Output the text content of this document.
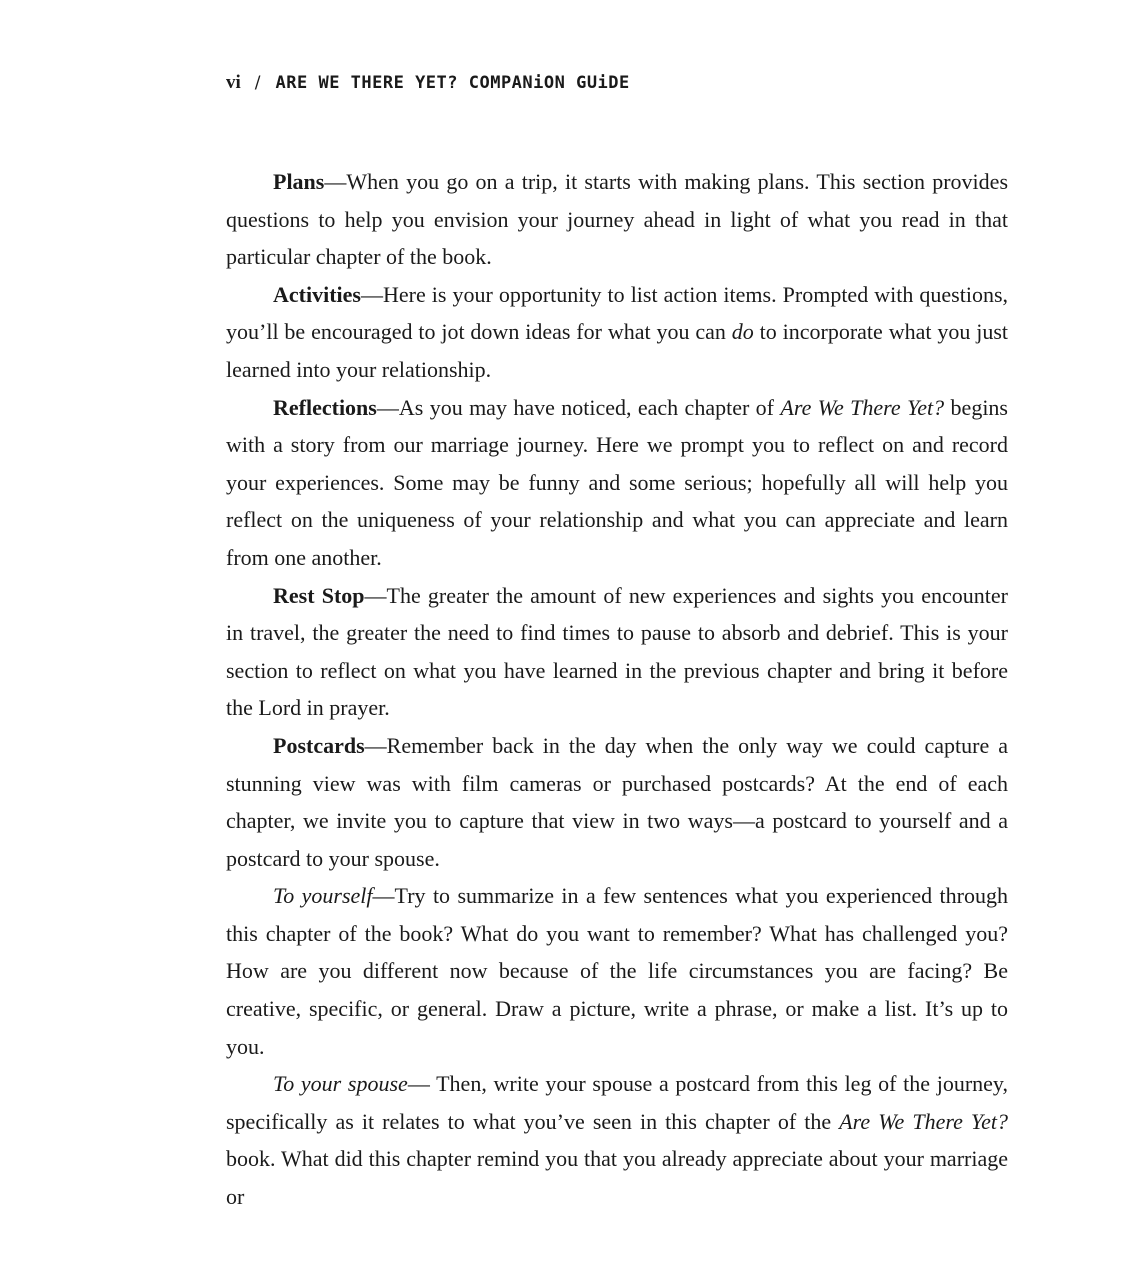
vi / ARE WE THERE YET? COMPANiON GUiDE

Plans—When you go on a trip, it starts with making plans. This section provides questions to help you envision your journey ahead in light of what you read in that particular chapter of the book.

Activities—Here is your opportunity to list action items. Prompted with questions, you’ll be encouraged to jot down ideas for what you can do to incorporate what you just learned into your relationship.

Reflections—As you may have noticed, each chapter of Are We There Yet? begins with a story from our marriage journey. Here we prompt you to reflect on and record your experiences. Some may be funny and some serious; hopefully all will help you reflect on the uniqueness of your relationship and what you can appreciate and learn from one another.

Rest Stop—The greater the amount of new experiences and sights you encounter in travel, the greater the need to find times to pause to absorb and debrief. This is your section to reflect on what you have learned in the previous chapter and bring it before the Lord in prayer.

Postcards—Remember back in the day when the only way we could capture a stunning view was with film cameras or purchased postcards? At the end of each chapter, we invite you to capture that view in two ways—a postcard to yourself and a postcard to your spouse.

To yourself—Try to summarize in a few sentences what you experienced through this chapter of the book? What do you want to remember? What has challenged you? How are you different now because of the life circumstances you are facing? Be creative, specific, or general. Draw a picture, write a phrase, or make a list. It’s up to you.

To your spouse— Then, write your spouse a postcard from this leg of the journey, specifically as it relates to what you’ve seen in this chapter of the Are We There Yet? book. What did this chapter remind you that you already appreciate about your marriage or
